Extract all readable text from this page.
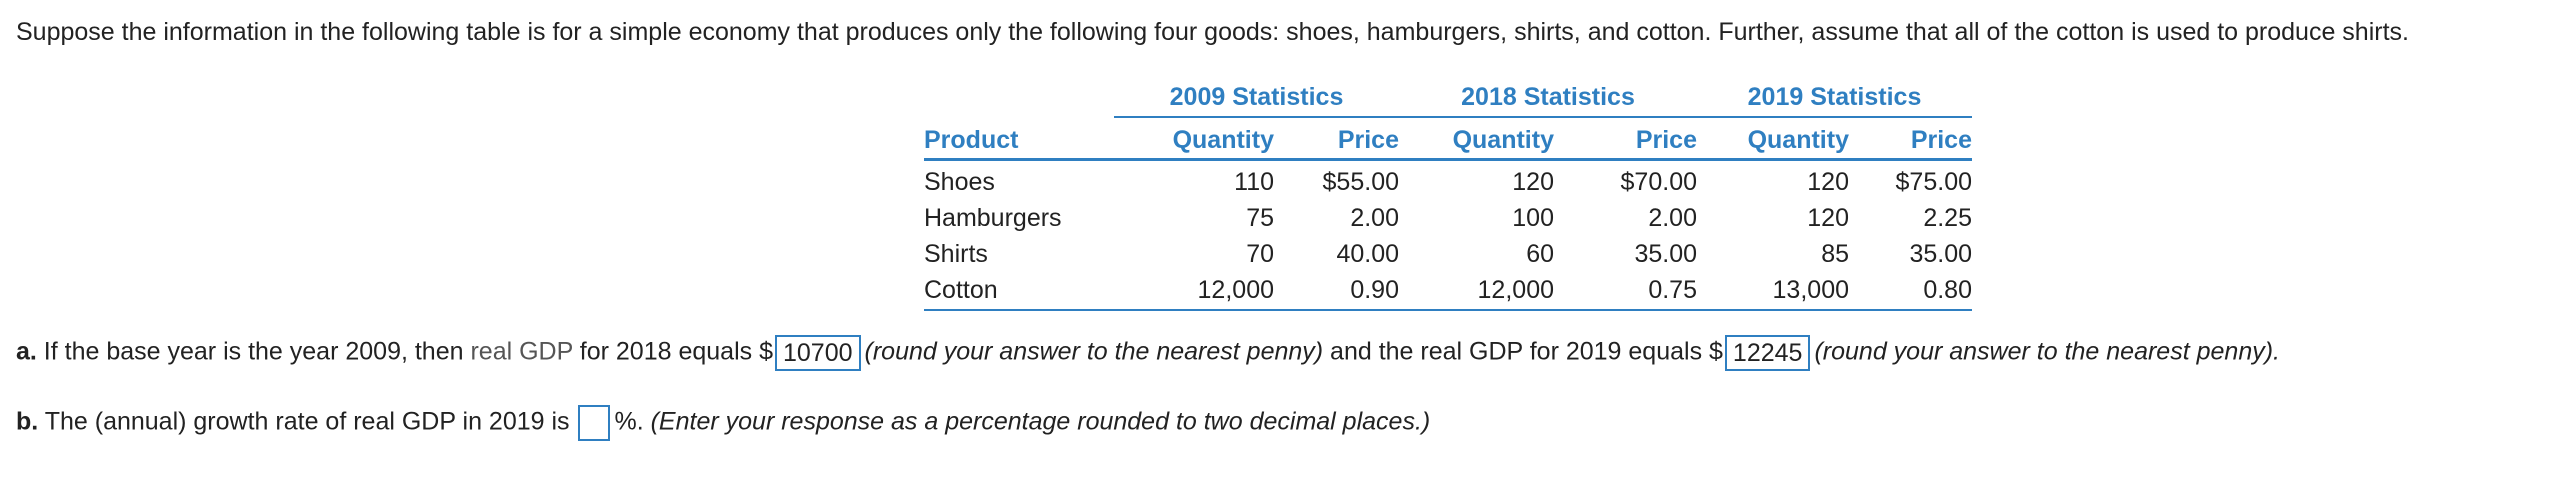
Suppose the information in the following table is for a simple economy that produces only the following four goods: shoes, hamburgers, shirts, and cotton. Further, assume that all of the cotton is used to produce shirts.
	2009 Statistics		2018 Statistics		2019 Statistics	
Product	Quantity	Price	Quantity	Price	Quantity	Price
Shoes	110	$55.00	120	$70.00	120	$75.00
Hamburgers	75	2.00	100	2.00	120	2.25
Shirts	70	40.00	60	35.00	85	35.00
Cotton	12,000	0.90	12,000	0.75	13,000	0.80
a. If the base year is the year 2009, then real GDP for 2018 equals $ 10700 (round your answer to the nearest penny) and the real GDP for 2019 equals $ 12245 (round your answer to the nearest penny).
b. The (annual) growth rate of real GDP in 2019 is %. (Enter your response as a percentage rounded to two decimal places.)
